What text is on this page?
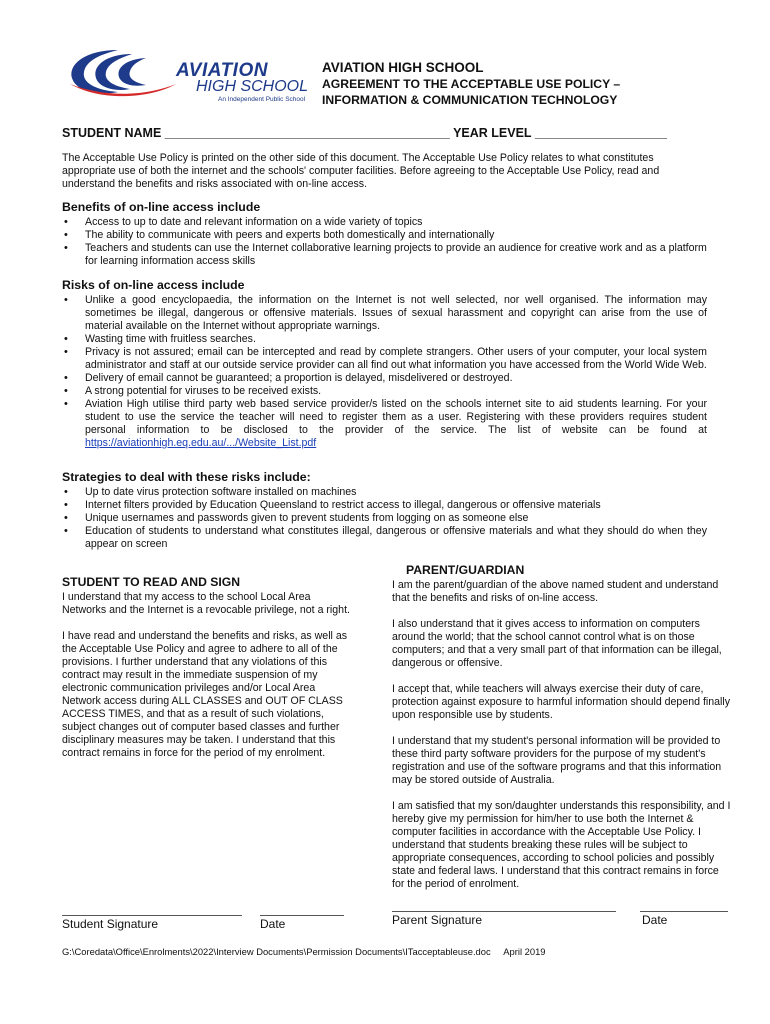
AVIATION
HIGH SCHOOL
An Independent Public School
AVIATION HIGH SCHOOL
AGREEMENT TO THE ACCEPTABLE USE POLICY –
INFORMATION & COMMUNICATION TECHNOLOGY
STUDENT NAME _________________________________________ YEAR LEVEL ___________________
The Acceptable Use Policy is printed on the other side of this document. The Acceptable Use Policy relates to what constitutes appropriate use of both the internet and the schools' computer facilities. Before agreeing to the Acceptable Use Policy, read and understand the benefits and risks associated with on-line access.
Benefits of on-line access include
• Access to up to date and relevant information on a wide variety of topics
• The ability to communicate with peers and experts both domestically and internationally
• Teachers and students can use the Internet collaborative learning projects to provide an audience for creative work and as a platform for learning information access skills
Risks of on-line access include
• Unlike a good encyclopaedia, the information on the Internet is not well selected, nor well organised. The information may sometimes be illegal, dangerous or offensive materials. Issues of sexual harassment and copyright can arise from the use of material available on the Internet without appropriate warnings.
• Wasting time with fruitless searches.
• Privacy is not assured; email can be intercepted and read by complete strangers. Other users of your computer, your local system administrator and staff at our outside service provider can all find out what information you have accessed from the World Wide Web.
• Delivery of email cannot be guaranteed; a proportion is delayed, misdelivered or destroyed.
• A strong potential for viruses to be received exists.
• Aviation High utilise third party web based service provider/s listed on the schools internet site to aid students learning. For your student to use the service the teacher will need to register them as a user. Registering with these providers requires student personal information to be disclosed to the provider of the service. The list of website can be found at https://aviationhigh.eq.edu.au/.../Website_List.pdf
Strategies to deal with these risks include:
• Up to date virus protection software installed on machines
• Internet filters provided by Education Queensland to restrict access to illegal, dangerous or offensive materials
• Unique usernames and passwords given to prevent students from logging on as someone else
• Education of students to understand what constitutes illegal, dangerous or offensive materials and what they should do when they appear on screen
STUDENT TO READ AND SIGN

I understand that my access to the school Local Area Networks and the Internet is a revocable privilege, not a right.

I have read and understand the benefits and risks, as well as the Acceptable Use Policy and agree to adhere to all of the provisions. I further understand that any violations of this contract may result in the immediate suspension of my electronic communication privileges and/or Local Area Network access during ALL CLASSES and OUT OF CLASS ACCESS TIMES, and that as a result of such violations, subject changes out of computer based classes and further disciplinary measures may be taken. I understand that this contract remains in force for the period of my enrolment.

PARENT/GUARDIAN

I am the parent/guardian of the above named student and understand that the benefits and risks of on-line access.

I also understand that it gives access to information on computers around the world; that the school cannot control what is on those computers; and that a very small part of that information can be illegal, dangerous or offensive.

I accept that, while teachers will always exercise their duty of care, protection against exposure to harmful information should depend finally upon responsible use by students.

I understand that my student's personal information will be provided to these third party software providers for the purpose of my student's registration and use of the software programs and that this information may be stored outside of Australia.

I am satisfied that my son/daughter understands this responsibility, and I hereby give my permission for him/her to use both the Internet & computer facilities in accordance with the Acceptable Use Policy. I understand that students breaking these rules will be subject to appropriate consequences, according to school policies and possibly state and federal laws. I understand that this contract remains in force for the period of enrolment.

Student Signature	Date	Parent Signature	Date
G:\Coredata\Office\Enrolments\2022\Interview Documents\Permission Documents\ITacceptableuse.doc April 2019
